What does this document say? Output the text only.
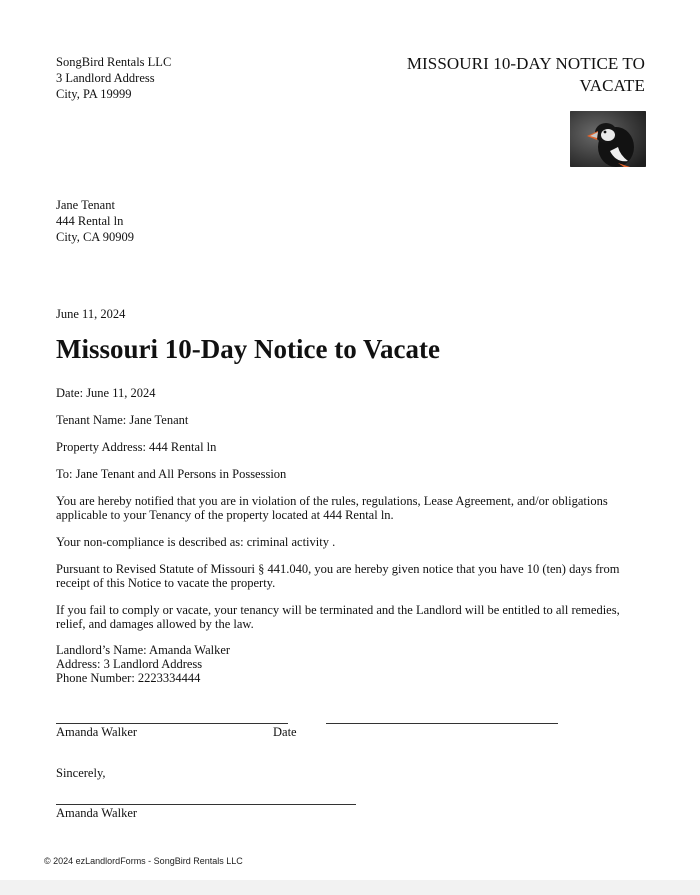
SongBird Rentals LLC
3 Landlord Address
City, PA 19999
MISSOURI 10-DAY NOTICE TO
VACATE
Jane Tenant
444 Rental ln
City, CA 90909
June 11, 2024
Missouri 10-Day Notice to Vacate

Date: June 11, 2024

Tenant Name: Jane Tenant

Property Address: 444 Rental ln

To: Jane Tenant and All Persons in Possession

You are hereby notified that you are in violation of the rules, regulations, Lease Agreement, and/or obligations applicable to your Tenancy of the property located at 444 Rental ln.

Your non-compliance is described as: criminal activity .

Pursuant to Revised Statute of Missouri § 441.040, you are hereby given notice that you have 10 (ten) days from receipt of this Notice to vacate the property.

If you fail to comply or vacate, your tenancy will be terminated and the Landlord will be entitled to all remedies, relief, and damages allowed by the law.

Landlord’s Name: Amanda Walker
Address: 3 Landlord Address
Phone Number: 2223334444
Amanda Walker	Date
Sincerely,
Amanda Walker
© 2024 ezLandlordForms - SongBird Rentals LLC
